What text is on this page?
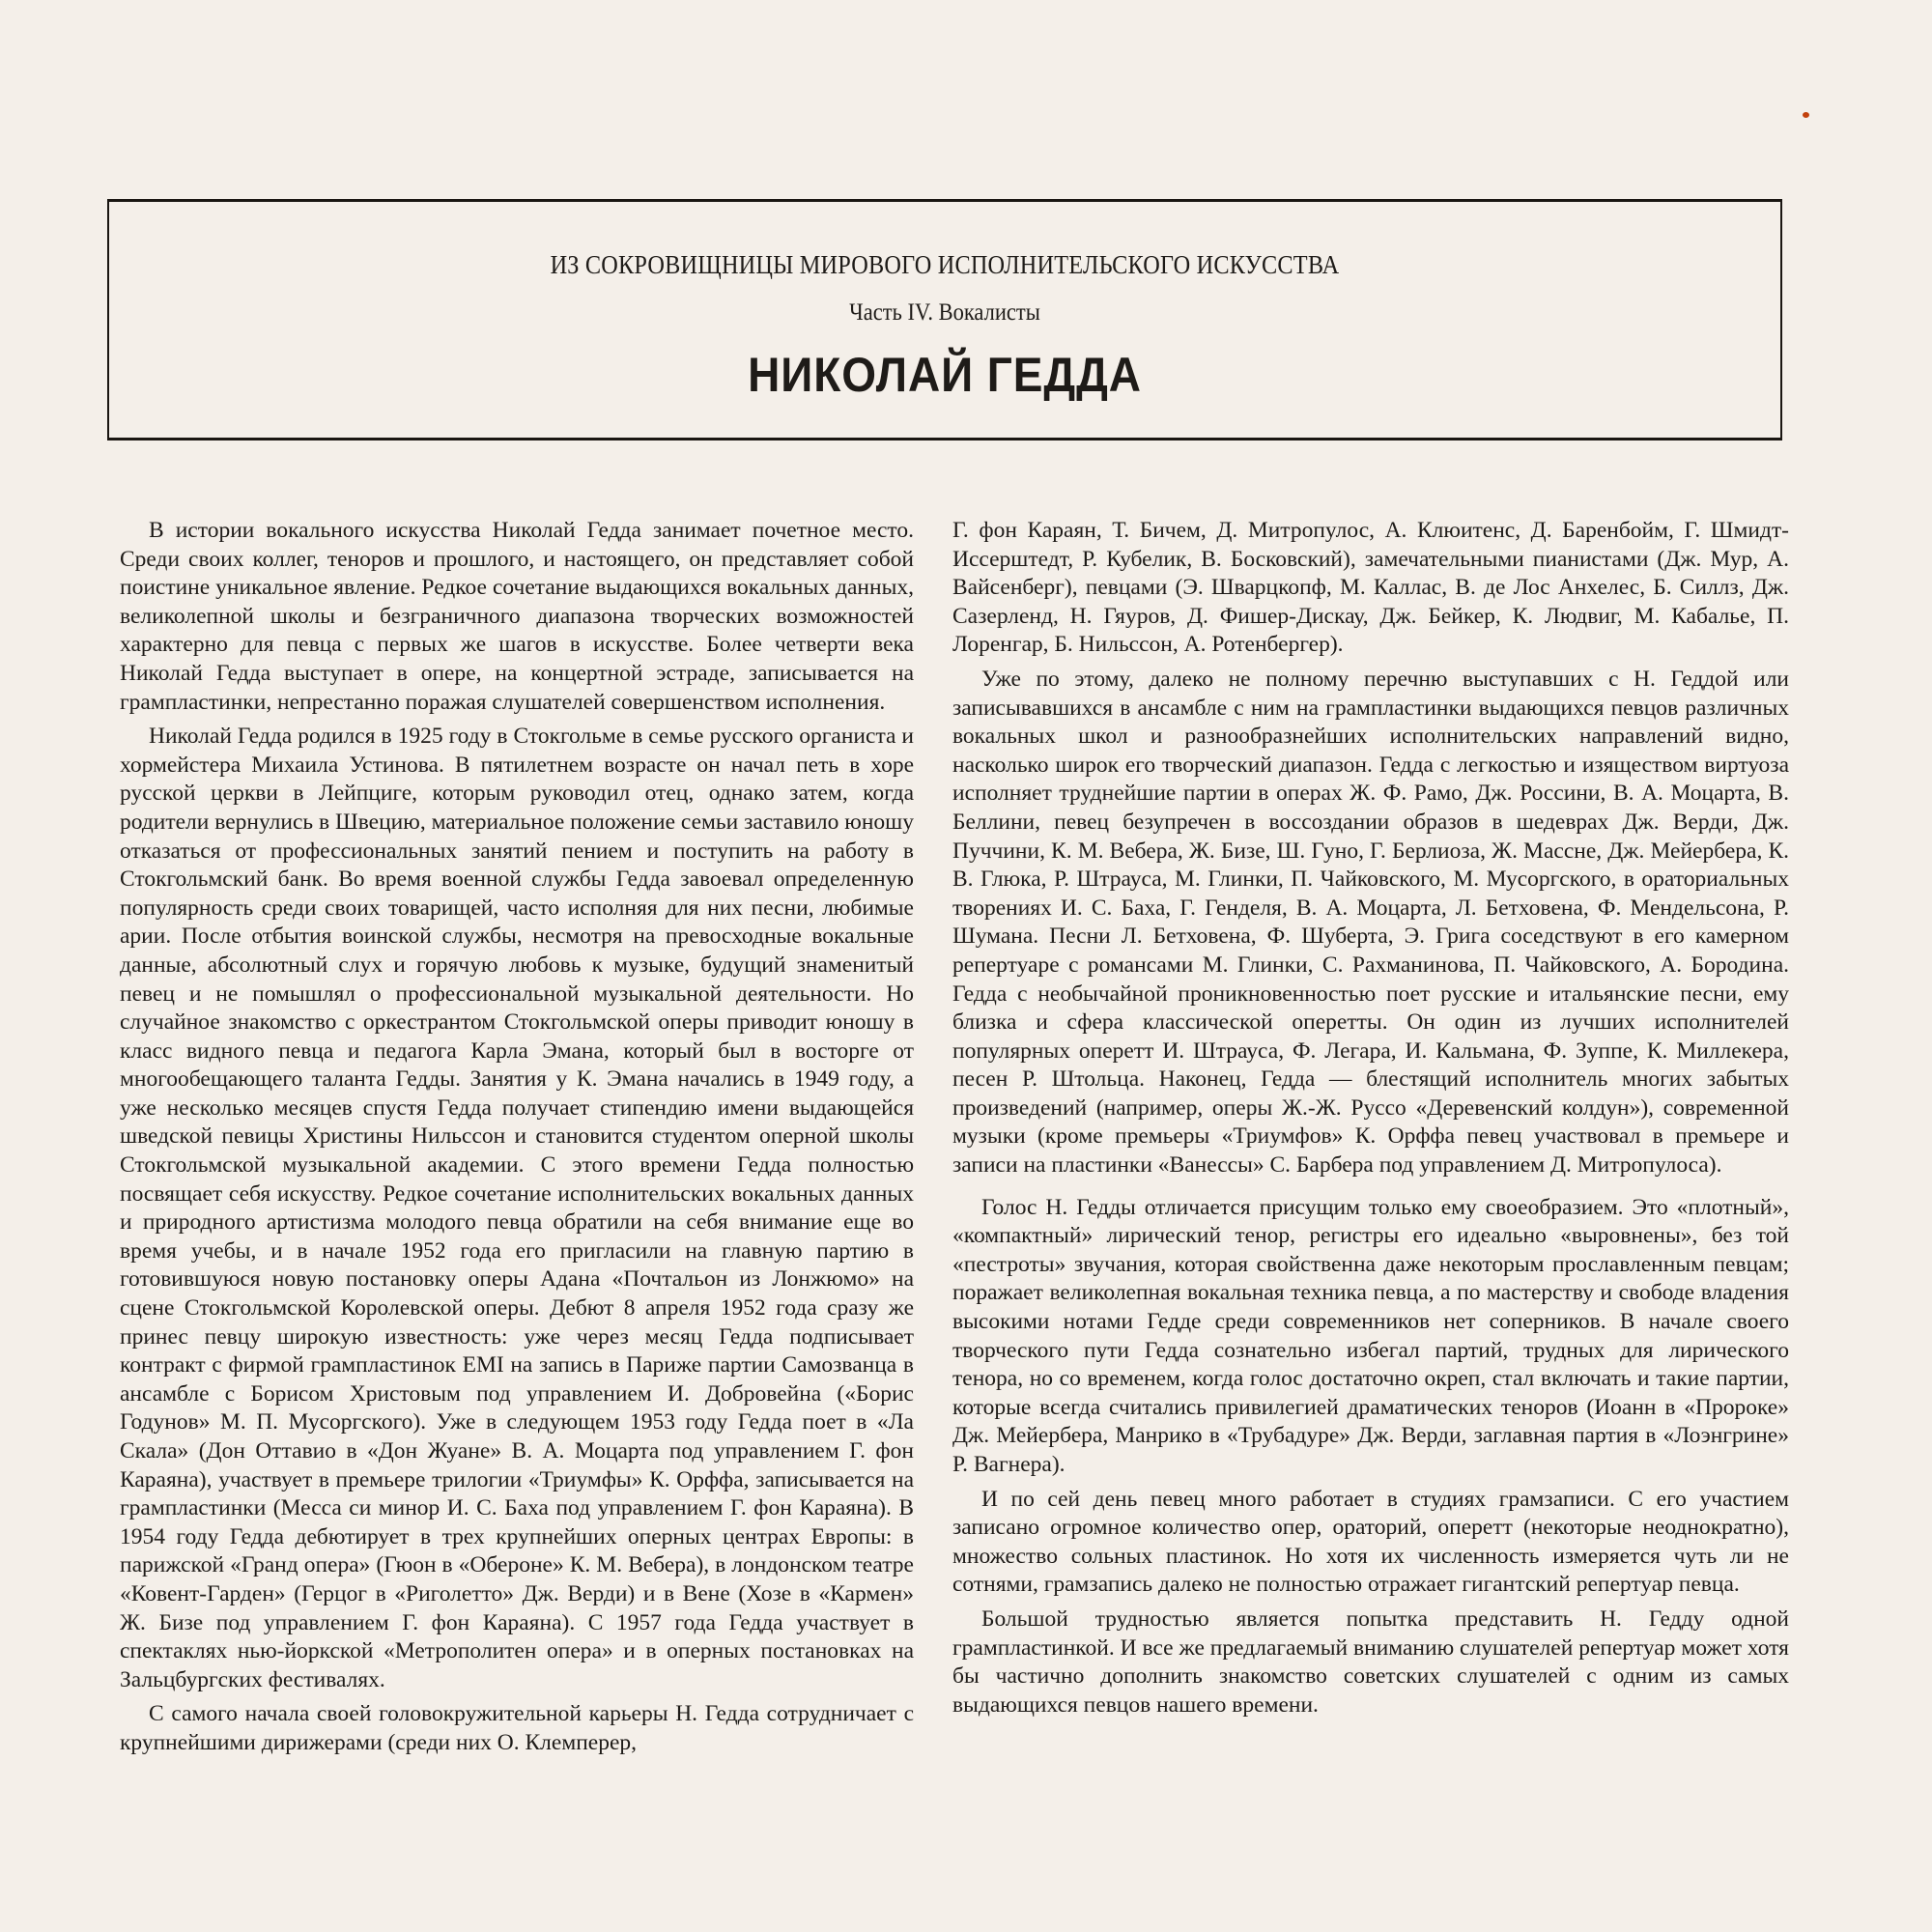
ИЗ СОКРОВИЩНИЦЫ МИРОВОГО ИСПОЛНИТЕЛЬСКОГО ИСКУССТВА
Часть IV. Вокалисты
НИКОЛАЙ ГЕДДА

В истории вокального искусства Николай Гедда занимает почетное место. Среди своих коллег, теноров и прошлого, и настоящего, он представляет собой поистине уникальное явление. Редкое сочетание выдающихся вокальных данных, великолепной школы и безграничного диапазона творческих возможностей характерно для певца с первых же шагов в искусстве. Более четверти века Николай Гедда выступает в опере, на концертной эстраде, записывается на грампластинки, непрестанно поражая слушателей совершенством исполнения.

Николай Гедда родился в 1925 году в Стокгольме в семье русского органиста и хормейстера Михаила Устинова. В пятилетнем возрасте он начал петь в хоре русской церкви в Лейпциге, которым руководил отец, однако затем, когда родители вернулись в Швецию, материальное положение семьи заставило юношу отказаться от профессиональных занятий пением и поступить на работу в Стокгольмский банк. Во время военной службы Гедда завоевал определенную популярность среди своих товарищей, часто исполняя для них песни, любимые арии. После отбытия воинской службы, несмотря на превосходные вокальные данные, абсолютный слух и горячую любовь к музыке, будущий знаменитый певец и не помышлял о профессиональной музыкальной деятельности. Но случайное знакомство с оркестрантом Стокгольмской оперы приводит юношу в класс видного певца и педагога Карла Эмана, который был в восторге от многообещающего таланта Гедды. Занятия у К. Эмана начались в 1949 году, а уже несколько месяцев спустя Гедда получает стипендию имени выдающейся шведской певицы Христины Нильссон и становится студентом оперной школы Стокгольмской музыкальной академии. С этого времени Гедда полностью посвящает себя искусству. Редкое сочетание исполнительских вокальных данных и природного артистизма молодого певца обратили на себя внимание еще во время учебы, и в начале 1952 года его пригласили на главную партию в готовившуюся новую постановку оперы Адана «Почтальон из Лонжюмо» на сцене Стокгольмской Королевской оперы. Дебют 8 апреля 1952 года сразу же принес певцу широкую известность: уже через месяц Гедда подписывает контракт с фирмой грампластинок EMI на запись в Париже партии Самозванца в ансамбле с Борисом Христовым под управлением И. Добровейна («Борис Годунов» М. П. Мусоргского). Уже в следующем 1953 году Гедда поет в «Ла Скала» (Дон Оттавио в «Дон Жуане» В. А. Моцарта под управлением Г. фон Караяна), участвует в премьере трилогии «Триумфы» К. Орффа, записывается на грампластинки (Месса си минор И. С. Баха под управлением Г. фон Караяна). В 1954 году Гедда дебютирует в трех крупнейших оперных центрах Европы: в парижской «Гранд опера» (Гюон в «Обероне» К. М. Вебера), в лондонском театре «Ковент-Гарден» (Герцог в «Риголетто» Дж. Верди) и в Вене (Хозе в «Кармен» Ж. Бизе под управлением Г. фон Караяна). С 1957 года Гедда участвует в спектаклях нью-йоркской «Метрополитен опера» и в оперных постановках на Зальцбургских фестивалях.

С самого начала своей головокружительной карьеры Н. Гедда сотрудничает с крупнейшими дирижерами (среди них О. Клемперер,

Г. фон Караян, Т. Бичем, Д. Митропулос, А. Клюитенс, Д. Баренбойм, Г. Шмидт-Иссерштедт, Р. Кубелик, В. Босковский), замечательными пианистами (Дж. Мур, А. Вайсенберг), певцами (Э. Шварцкопф, М. Каллас, В. де Лос Анхелес, Б. Силлз, Дж. Сазерленд, Н. Гяуров, Д. Фишер-Дискау, Дж. Бейкер, К. Людвиг, М. Кабалье, П. Лоренгар, Б. Нильссон, А. Ротенбергер).

Уже по этому, далеко не полному перечню выступавших с Н. Геддой или записывавшихся в ансамбле с ним на грампластинки выдающихся певцов различных вокальных школ и разнообразнейших исполнительских направлений видно, насколько широк его творческий диапазон. Гедда с легкостью и изяществом виртуоза исполняет труднейшие партии в операх Ж. Ф. Рамо, Дж. Россини, В. А. Моцарта, В. Беллини, певец безупречен в воссоздании образов в шедеврах Дж. Верди, Дж. Пуччини, К. М. Вебера, Ж. Бизе, Ш. Гуно, Г. Берлиоза, Ж. Массне, Дж. Мейербера, К. В. Глюка, Р. Штрауса, М. Глинки, П. Чайковского, М. Мусоргского, в ораториальных творениях И. С. Баха, Г. Генделя, В. А. Моцарта, Л. Бетховена, Ф. Мендельсона, Р. Шумана. Песни Л. Бетховена, Ф. Шуберта, Э. Грига соседствуют в его камерном репертуаре с романсами М. Глинки, С. Рахманинова, П. Чайковского, А. Бородина. Гедда с необычайной проникновенностью поет русские и итальянские песни, ему близка и сфера классической оперетты. Он один из лучших исполнителей популярных оперетт И. Штрауса, Ф. Легара, И. Кальмана, Ф. Зуппе, К. Миллекера, песен Р. Штольца. Наконец, Гедда — блестящий исполнитель многих забытых произведений (например, оперы Ж.-Ж. Руссо «Деревенский колдун»), современной музыки (кроме премьеры «Триумфов» К. Орффа певец участвовал в премьере и записи на пластинки «Ванессы» С. Барбера под управлением Д. Митропулоса).

Голос Н. Гедды отличается присущим только ему своеобразием. Это «плотный», «компактный» лирический тенор, регистры его идеально «выровнены», без той «пестроты» звучания, которая свойственна даже некоторым прославленным певцам; поражает великолепная вокальная техника певца, а по мастерству и свободе владения высокими нотами Гедде среди современников нет соперников. В начале своего творческого пути Гедда сознательно избегал партий, трудных для лирического тенора, но со временем, когда голос достаточно окреп, стал включать и такие партии, которые всегда считались привилегией драматических теноров (Иоанн в «Пророке» Дж. Мейербера, Манрико в «Трубадуре» Дж. Верди, заглавная партия в «Лоэнгрине» Р. Вагнера).

И по сей день певец много работает в студиях грамзаписи. С его участием записано огромное количество опер, ораторий, оперетт (некоторые неоднократно), множество сольных пластинок. Но хотя их численность измеряется чуть ли не сотнями, грамзапись далеко не полностью отражает гигантский репертуар певца.

Большой трудностью является попытка представить Н. Гедду одной грампластинкой. И все же предлагаемый вниманию слушателей репертуар может хотя бы частично дополнить знакомство советских слушателей с одним из самых выдающихся певцов нашего времени.
